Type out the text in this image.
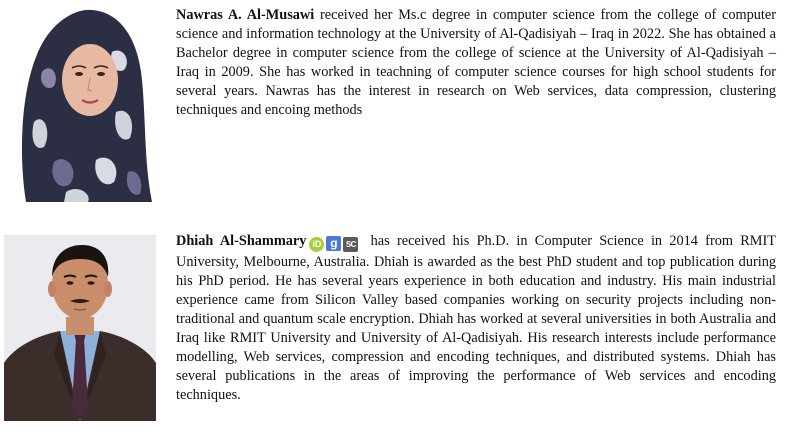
Nawras A. Al-Musawi received her Ms.c degree in computer science from the college of computer science and information technology at the University of Al-Qadisiyah – Iraq in 2022. She has obtained a Bachelor degree in computer science from the college of science at the University of Al-Qadisiyah – Iraq in 2009. She has worked in teachning of computer science courses for high school students for several years. Nawras has the interest in research on Web services, data compression, clustering techniques and encoing methods
Dhiah Al-Shammary iD g SC has received his Ph.D. in Computer Science in 2014 from RMIT University, Melbourne, Australia. Dhiah is awarded as the best PhD student and top publication during his PhD period. He has several years experience in both education and industry. His main industrial experience came from Silicon Valley based companies working on security projects including non-traditional and quantum scale encryption. Dhiah has worked at several universities in both Australia and Iraq like RMIT University and University of Al-Qadisiyah. His research interests include performance modelling, Web services, compression and encoding techniques, and distributed systems. Dhiah has several publications in the areas of improving the performance of Web services and encoding techniques.
